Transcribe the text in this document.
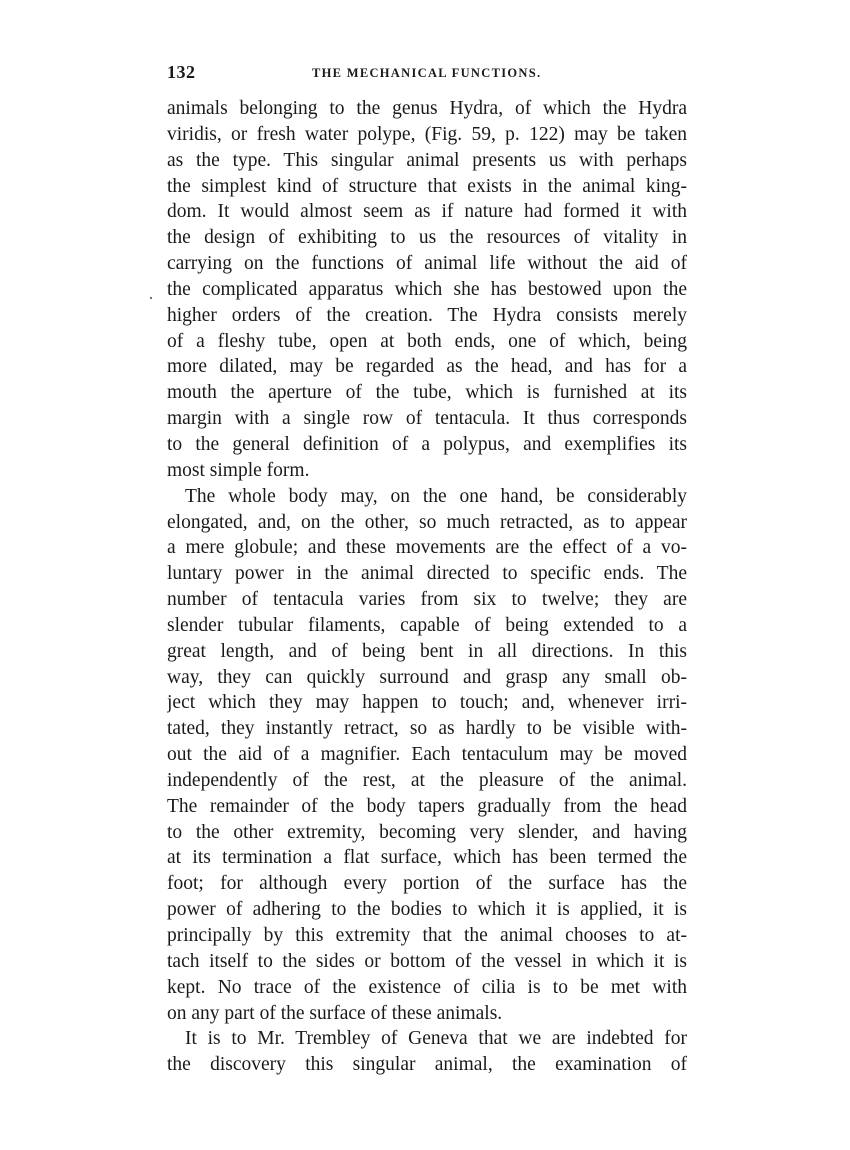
132	THE MECHANICAL FUNCTIONS.
animals belonging to the genus Hydra, of which the Hydra
viridis, or fresh water polype, (Fig. 59, p. 122) may be taken
as the type. This singular animal presents us with perhaps
the simplest kind of structure that exists in the animal king-
dom. It would almost seem as if nature had formed it with
the design of exhibiting to us the resources of vitality in
carrying on the functions of animal life without the aid of
the complicated apparatus which she has bestowed upon the
higher orders of the creation. The Hydra consists merely
of a fleshy tube, open at both ends, one of which, being
more dilated, may be regarded as the head, and has for a
mouth the aperture of the tube, which is furnished at its
margin with a single row of tentacula. It thus corresponds
to the general definition of a polypus, and exemplifies its
most simple form.
The whole body may, on the one hand, be considerably
elongated, and, on the other, so much retracted, as to appear
a mere globule; and these movements are the effect of a vo-
luntary power in the animal directed to specific ends. The
number of tentacula varies from six to twelve; they are
slender tubular filaments, capable of being extended to a
great length, and of being bent in all directions. In this
way, they can quickly surround and grasp any small ob-
ject which they may happen to touch; and, whenever irri-
tated, they instantly retract, so as hardly to be visible with-
out the aid of a magnifier. Each tentaculum may be moved
independently of the rest, at the pleasure of the animal.
The remainder of the body tapers gradually from the head
to the other extremity, becoming very slender, and having
at its termination a flat surface, which has been termed the
foot; for although every portion of the surface has the
power of adhering to the bodies to which it is applied, it is
principally by this extremity that the animal chooses to at-
tach itself to the sides or bottom of the vessel in which it is
kept. No trace of the existence of cilia is to be met with
on any part of the surface of these animals.
It is to Mr. Trembley of Geneva that we are indebted for
the discovery this singular animal, the examination of
